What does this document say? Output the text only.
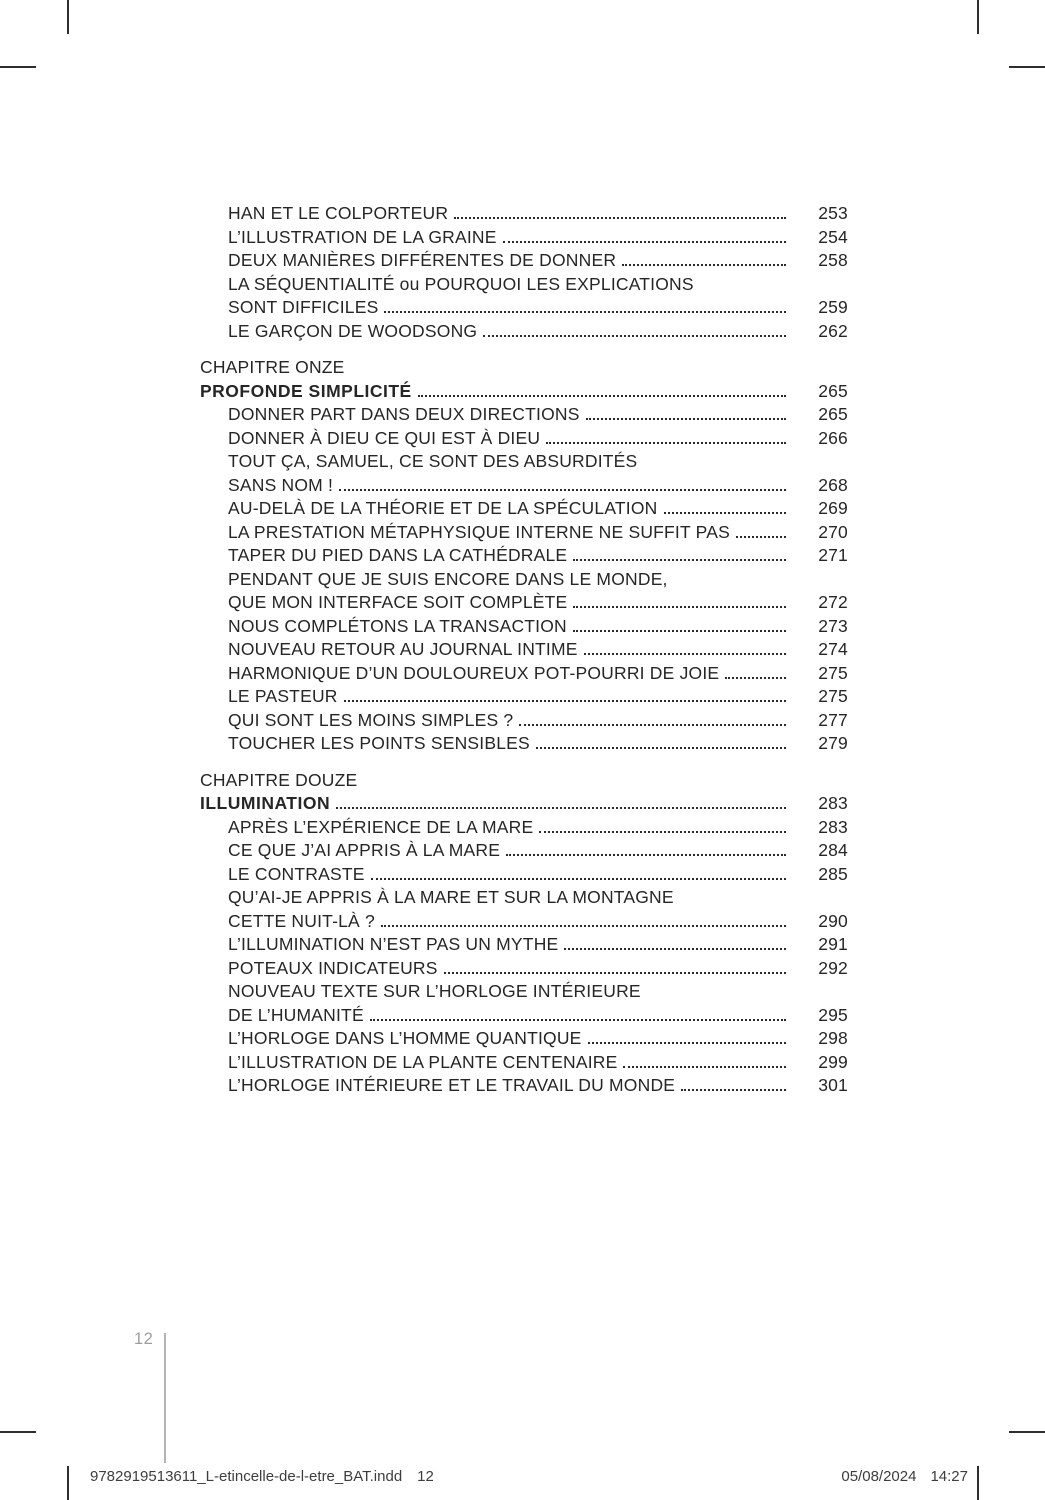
HAN ET LE COLPORTEUR	253
L’ILLUSTRATION DE LA GRAINE	254
DEUX MANIÈRES DIFFÉRENTES DE DONNER	258
LA SÉQUENTIALITÉ ou POURQUOI LES EXPLICATIONS
SONT DIFFICILES	259
LE GARÇON DE WOODSONG	262
CHAPITRE ONZE
PROFONDE SIMPLICITÉ	265
DONNER PART DANS DEUX DIRECTIONS	265
DONNER À DIEU CE QUI EST À DIEU	266
TOUT ÇA, SAMUEL, CE SONT DES ABSURDITÉS
SANS NOM !	268
AU-DELÀ DE LA THÉORIE ET DE LA SPÉCULATION	269
LA PRESTATION MÉTAPHYSIQUE INTERNE NE SUFFIT PAS	270
TAPER DU PIED DANS LA CATHÉDRALE	271
PENDANT QUE JE SUIS ENCORE DANS LE MONDE,
QUE MON INTERFACE SOIT COMPLÈTE	272
NOUS COMPLÉTONS LA TRANSACTION	273
NOUVEAU RETOUR AU JOURNAL INTIME	274
HARMONIQUE D’UN DOULOUREUX POT-POURRI DE JOIE	275
LE PASTEUR	275
QUI SONT LES MOINS SIMPLES ?	277
TOUCHER LES POINTS SENSIBLES	279
CHAPITRE DOUZE
ILLUMINATION	283
APRÈS L’EXPÉRIENCE DE LA MARE	283
CE QUE J’AI APPRIS À LA MARE	284
LE CONTRASTE	285
QU’AI-JE APPRIS À LA MARE ET SUR LA MONTAGNE
CETTE NUIT-LÀ ?	290
L’ILLUMINATION N’EST PAS UN MYTHE	291
POTEAUX INDICATEURS	292
NOUVEAU TEXTE SUR L’HORLOGE INTÉRIEURE
DE L’HUMANITÉ	295
L’HORLOGE DANS L’HOMME QUANTIQUE	298
L’ILLUSTRATION DE LA PLANTE CENTENAIRE	299
L’HORLOGE INTÉRIEURE ET LE TRAVAIL DU MONDE	301
12
9782919513611_L-etincelle-de-l-etre_BAT.indd 12	05/08/2024 14:27
